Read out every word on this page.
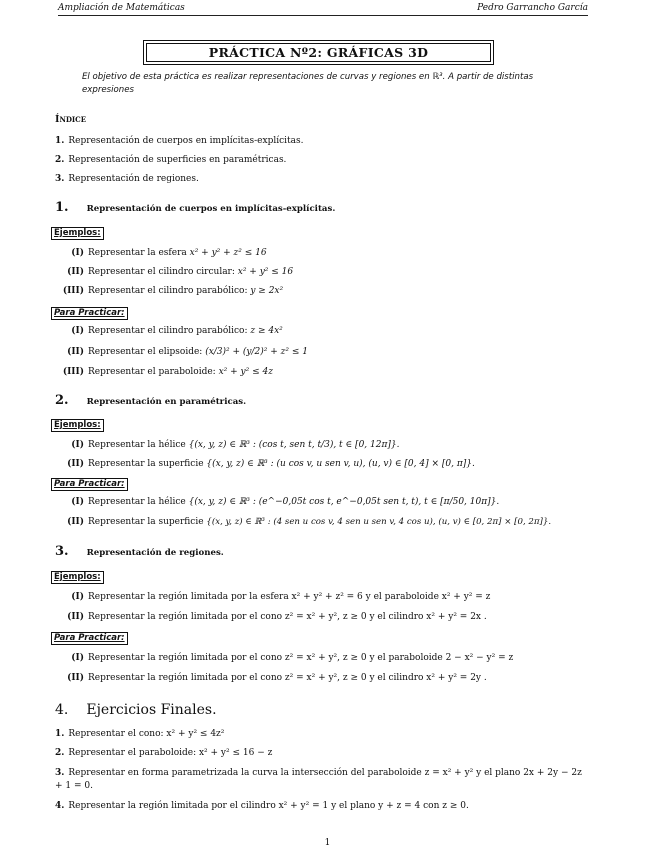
Ampliación de Matemáticas	Pedro Garrancho García
PRÁCTICA Nº2: GRÁFICAS 3D
El objetivo de esta práctica es realizar representaciones de curvas y regiones en ℝ³. A partir de distintas expresiones
Índice
1. Representación de cuerpos en implícitas-explícitas.
2. Representación de superficies en paramétricas.
3. Representación de regiones.
1. Representación de cuerpos en implícitas-explícitas.
Ejemplos:
(I) Representar la esfera x² + y² + z² ≤ 16
(II) Representar el cilindro circular: x² + y² ≤ 16
(III) Representar el cilindro parabólico: y ≥ 2x²
Para Practicar:
(I) Representar el cilindro parabólico: z ≥ 4x²
(II) Representar el elipsoide: (x/3)² + (y/2)² + z² ≤ 1
(III) Representar el paraboloide: x² + y² ≤ 4z
2. Representación en paramétricas.
Ejemplos:
(I) Representar la hélice {(x, y, z) ∈ ℝ³ : (cos t, sen t, t/3), t ∈ [0, 12π]}.
(II) Representar la superficie {(x, y, z) ∈ ℝ³ : (u cos v, u sen v, u), (u, v) ∈ [0, 4] × [0, π]}.
Para Practicar:
(I) Representar la hélice {(x, y, z) ∈ ℝ³ : (e^−0,05t cos t, e^−0,05t sen t, t), t ∈ [π/50, 10π]}.
(II) Representar la superficie {(x, y, z) ∈ ℝ³ : (4 sen u cos v, 4 sen u sen v, 4 cos u), (u, v) ∈ [0, 2π] × [0, 2π]}.
3. Representación de regiones.
Ejemplos:
(I) Representar la región limitada por la esfera x² + y² + z² = 6 y el paraboloide x² + y² = z
(II) Representar la región limitada por el cono z² = x² + y², z ≥ 0 y el cilindro x² + y² = 2x .
Para Practicar:
(I) Representar la región limitada por el cono z² = x² + y², z ≥ 0 y el paraboloide 2 − x² − y² = z
(II) Representar la región limitada por el cono z² = x² + y², z ≥ 0 y el cilindro x² + y² = 2y .
4. Ejercicios Finales.
1. Representar el cono: x² + y² ≤ 4z²
2. Representar el paraboloide: x² + y² ≤ 16 − z
3. Representar en forma parametrizada la curva la intersección del paraboloide z = x² + y² y el plano 2x + 2y − 2z + 1 = 0.
4. Representar la región limitada por el cilindro x² + y² = 1 y el plano y + z = 4 con z ≥ 0.
1
